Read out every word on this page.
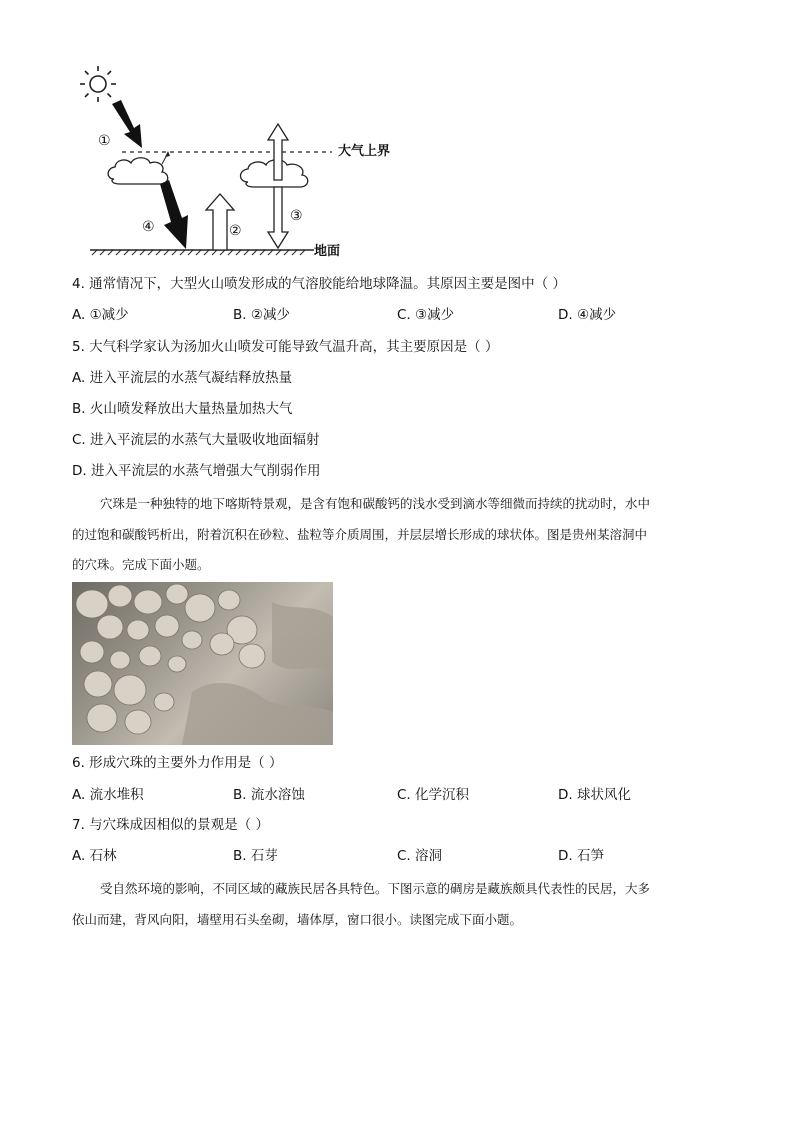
①
④	②
③
大气上界
地面
4. 通常情况下，大型火山喷发形成的气溶胶能给地球降温。其原因主要是图中（ ）
A. ①减少	B. ②减少	C. ③减少	D. ④减少
5. 大气科学家认为汤加火山喷发可能导致气温升高，其主要原因是（ ）
A. 进入平流层的水蒸气凝结释放热量
B. 火山喷发释放出大量热量加热大气
C. 进入平流层的水蒸气大量吸收地面辐射
D. 进入平流层的水蒸气增强大气削弱作用
穴珠是一种独特的地下喀斯特景观，是含有饱和碳酸钙的浅水受到滴水等细微而持续的扰动时，水中
的过饱和碳酸钙析出，附着沉积在砂粒、盐粒等介质周围，并层层增长形成的球状体。图是贵州某溶洞中
的穴珠。完成下面小题。
6. 形成穴珠的主要外力作用是（ ）
A. 流水堆积	B. 流水溶蚀	C. 化学沉积	D. 球状风化
7. 与穴珠成因相似的景观是（ ）
A. 石林	B. 石芽	C. 溶洞	D. 石笋
受自然环境的影响，不同区域的藏族民居各具特色。下图示意的碉房是藏族颇具代表性的民居，大多
依山而建，背风向阳，墙壁用石头垒砌，墙体厚，窗口很小。读图完成下面小题。
